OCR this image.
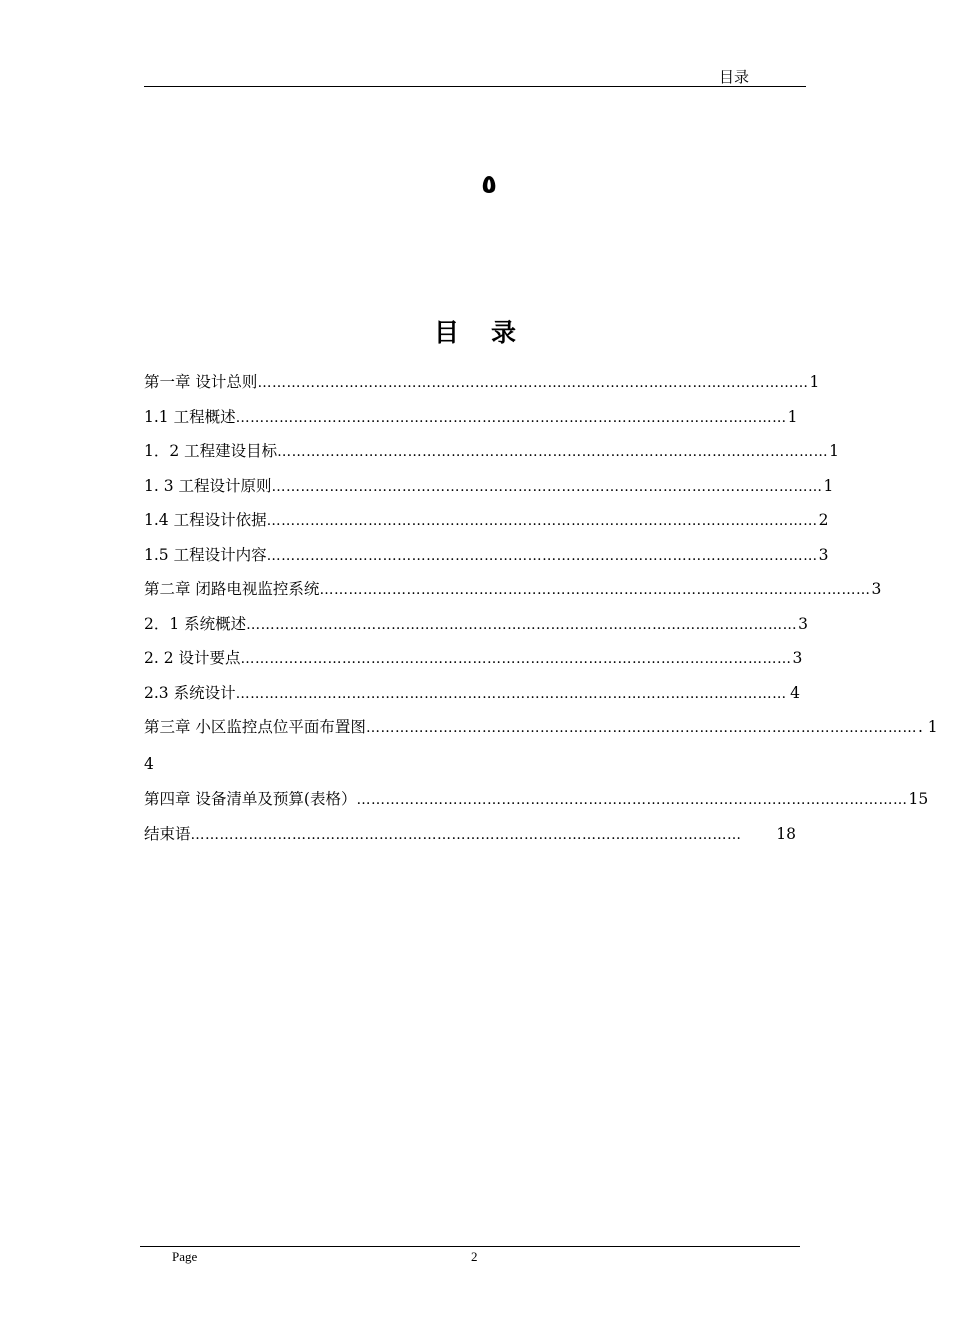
目录
٥
目录
第一章 设计总则 …………………………………………………………………………………………………… 1
1.1 工程概述 …………………………………………………………………………………………………… 1
1．2 工程建设目标 …………………………………………………………………………………………………… 1
1. 3 工程设计原则 …………………………………………………………………………………………………… 1
1.4 工程设计依据 …………………………………………………………………………………………………… 2
1.5 工程设计内容 …………………………………………………………………………………………………… 3
第二章 闭路电视监控系统 …………………………………………………………………………………………………… 3
2．1 系统概述 …………………………………………………………………………………………………… 3
2. 2 设计要点 …………………………………………………………………………………………………… 3
2.3 系统设计 …………………………………………………………………………………………………… 4
第三章 小区监控点位平面布置图 …………………………………………………………………………………………………… . 1
4
第四章 设备清单及预算(表格） …………………………………………………………………………………………………… 15
结束语 ……………………………………………………………………………………………………	18
Page	2
